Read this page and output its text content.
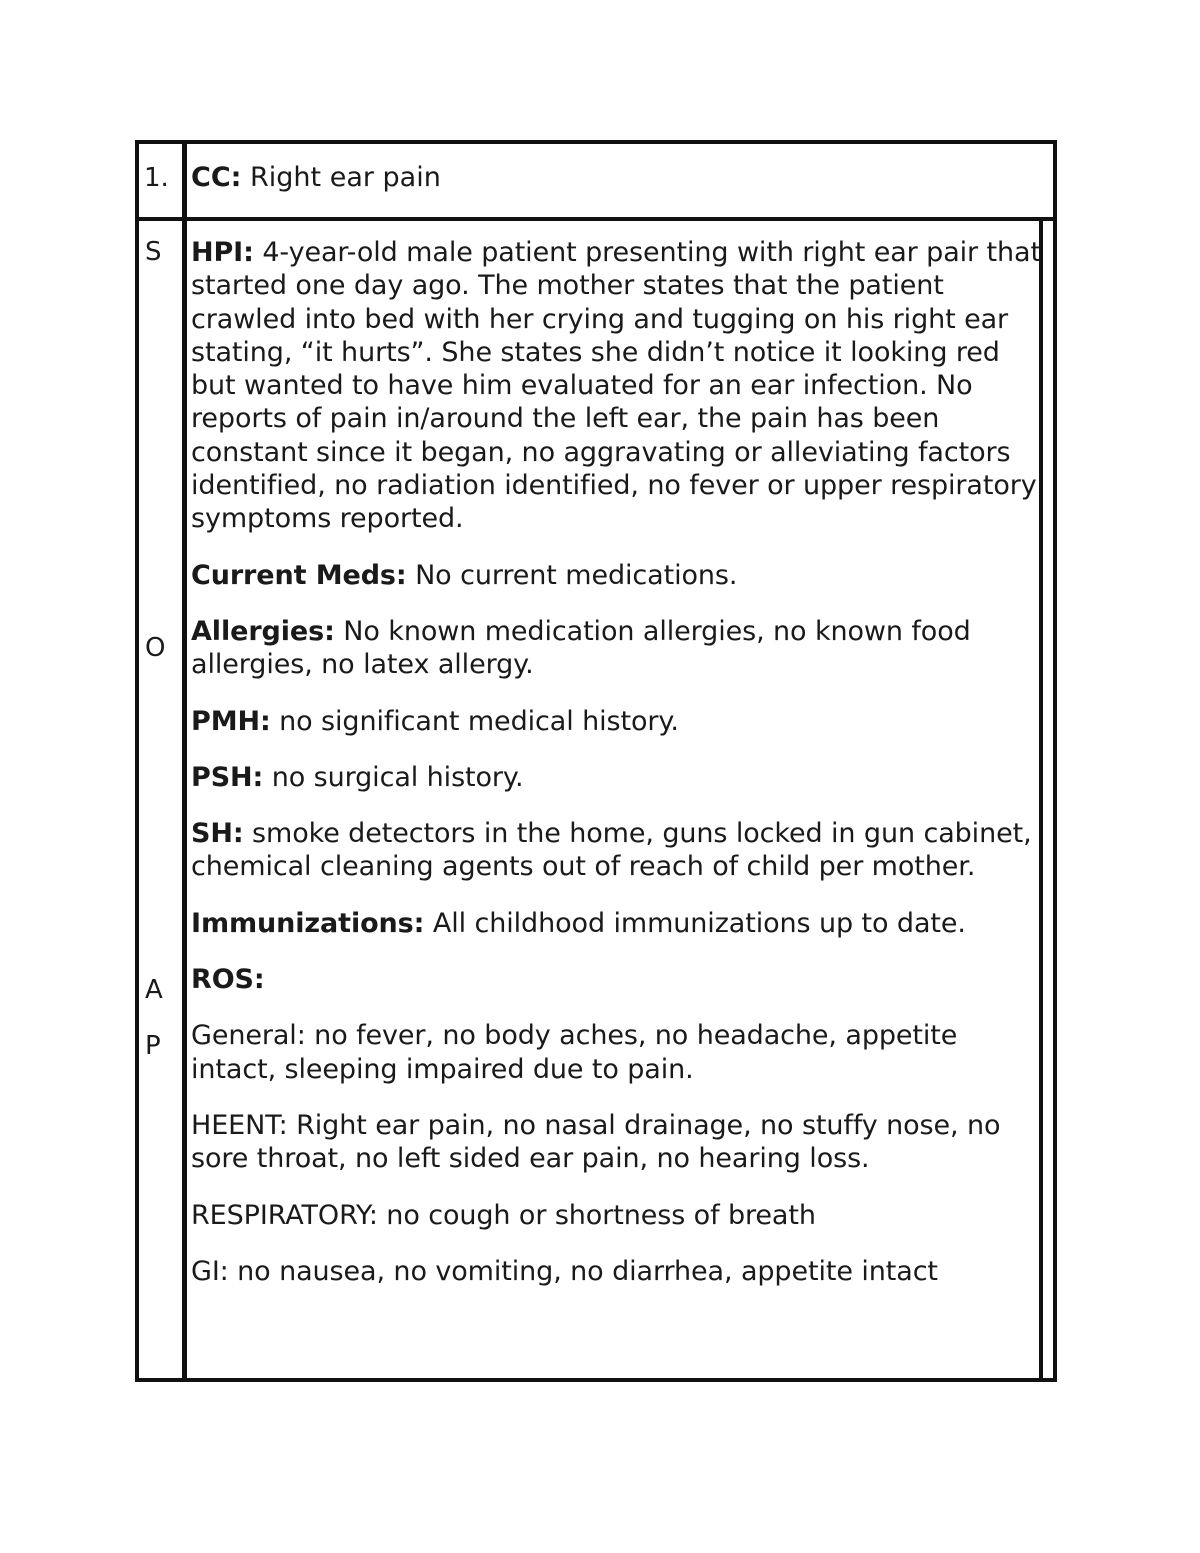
1.
S
O
A
P
CC: Right ear pain

HPI: 4-year-old male patient presenting with right ear pair that started one day ago. The mother states that the patient crawled into bed with her crying and tugging on his right ear stating, “it hurts”. She states she didn’t notice it looking red but wanted to have him evaluated for an ear infection. No reports of pain in/around the left ear, the pain has been constant since it began, no aggravating or alleviating factors identified, no radiation identified, no fever or upper respiratory symptoms reported.

Current Meds: No current medications.

Allergies: No known medication allergies, no known food allergies, no latex allergy.

PMH: no significant medical history.

PSH: no surgical history.

SH: smoke detectors in the home, guns locked in gun cabinet, chemical cleaning agents out of reach of child per mother.

Immunizations: All childhood immunizations up to date.

ROS:

General: no fever, no body aches, no headache, appetite intact, sleeping impaired due to pain.

HEENT: Right ear pain, no nasal drainage, no stuffy nose, no sore throat, no left sided ear pain, no hearing loss.

RESPIRATORY: no cough or shortness of breath

GI: no nausea, no vomiting, no diarrhea, appetite intact
